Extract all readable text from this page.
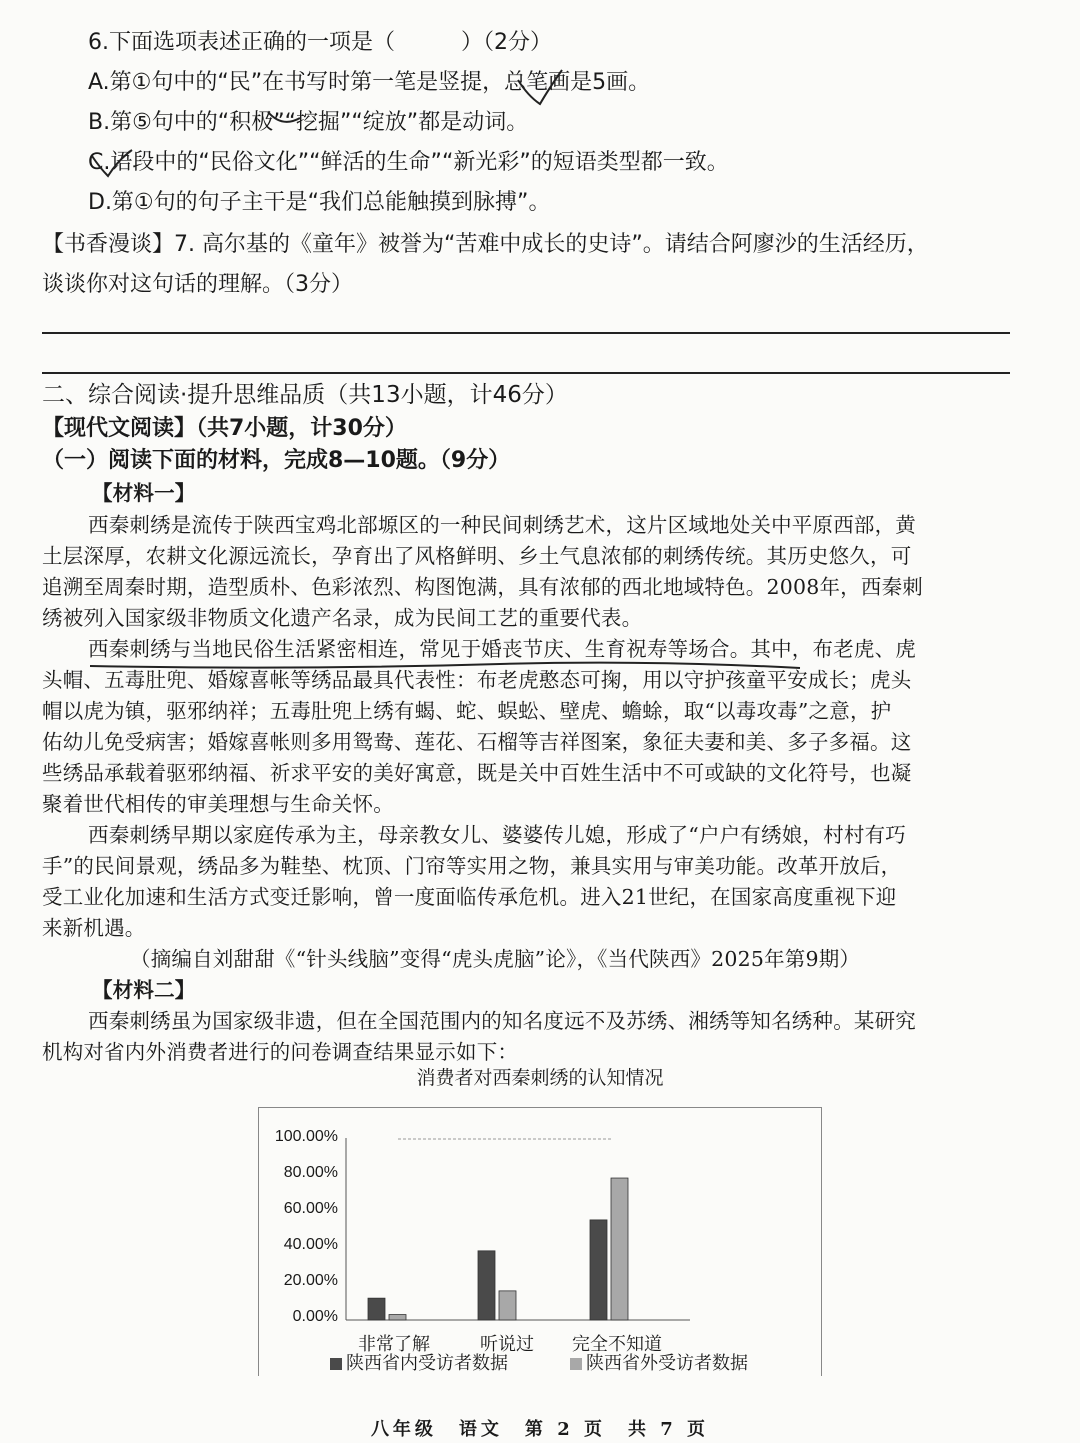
6.下面选项表述正确的一项是（　　　）（2分）
A.第①句中的“民”在书写时第一笔是竖提，总笔画是5画。
B.第⑤句中的“积极”“挖掘”“绽放”都是动词。
C.语段中的“民俗文化”“鲜活的生命”“新光彩”的短语类型都一致。
D.第①句的句子主干是“我们总能触摸到脉搏”。
【书香漫谈】7. 高尔基的《童年》被誉为“苦难中成长的史诗”。请结合阿廖沙的生活经历，
谈谈你对这句话的理解。（3分）
二、综合阅读·提升思维品质（共13小题，计46分）
【现代文阅读】（共7小题，计30分）
（一）阅读下面的材料，完成8—10题。（9分）
【材料一】
西秦刺绣是流传于陕西宝鸡北部塬区的一种民间刺绣艺术，这片区域地处关中平原西部，黄
土层深厚，农耕文化源远流长，孕育出了风格鲜明、乡土气息浓郁的刺绣传统。其历史悠久，可
追溯至周秦时期，造型质朴、色彩浓烈、构图饱满，具有浓郁的西北地域特色。2008年，西秦刺
绣被列入国家级非物质文化遗产名录，成为民间工艺的重要代表。
西秦刺绣与当地民俗生活紧密相连，常见于婚丧节庆、生育祝寿等场合。其中，布老虎、虎
头帽、五毒肚兜、婚嫁喜帐等绣品最具代表性：布老虎憨态可掬，用以守护孩童平安成长；虎头
帽以虎为镇，驱邪纳祥；五毒肚兜上绣有蝎、蛇、蜈蚣、壁虎、蟾蜍，取“以毒攻毒”之意，护
佑幼儿免受病害；婚嫁喜帐则多用鸳鸯、莲花、石榴等吉祥图案，象征夫妻和美、多子多福。这
些绣品承载着驱邪纳福、祈求平安的美好寓意，既是关中百姓生活中不可或缺的文化符号，也凝
聚着世代相传的审美理想与生命关怀。
西秦刺绣早期以家庭传承为主，母亲教女儿、婆婆传儿媳，形成了“户户有绣娘，村村有巧
手”的民间景观，绣品多为鞋垫、枕顶、门帘等实用之物，兼具实用与审美功能。改革开放后，
受工业化加速和生活方式变迁影响，曾一度面临传承危机。进入21世纪，在国家高度重视下迎
来新机遇。
（摘编自刘甜甜《“针头线脑”变得“虎头虎脑”论》，《当代陕西》2025年第9期）
【材料二】
西秦刺绣虽为国家级非遗，但在全国范围内的知名度远不及苏绣、湘绣等知名绣种。某研究
机构对省内外消费者进行的问卷调查结果显示如下：
消费者对西秦刺绣的认知情况
100.00%
80.00%
60.00%
40.00%
20.00%
0.00%
非常了解	听说过 完全不知道
陕西省内受访者数据	陕西省外受访者数据
八年级　语文　第 2 页　共 7 页
